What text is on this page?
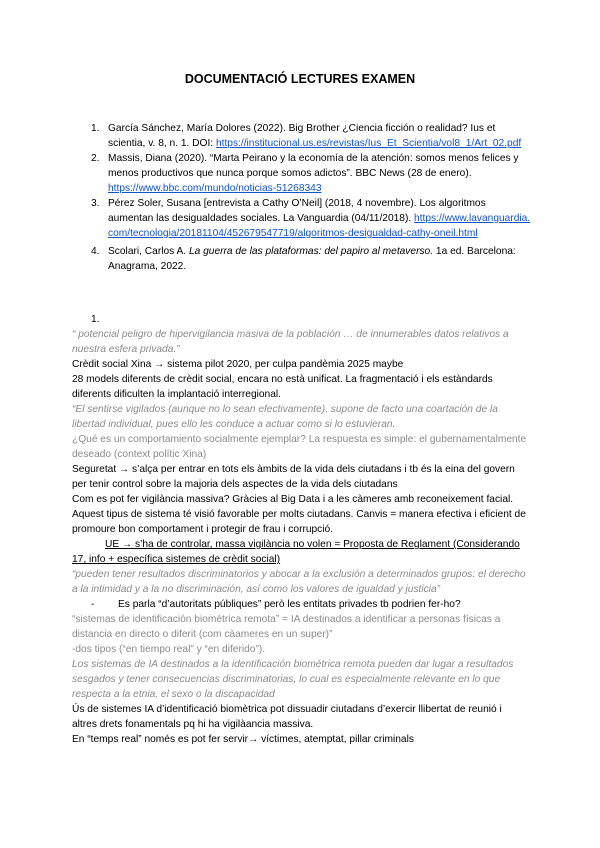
DOCUMENTACIÓ LECTURES EXAMEN
1. García Sánchez, María Dolores (2022). Big Brother ¿Ciencia ficción o realidad? Ius et scientia, v. 8, n. 1. DOI: https://institucional.us.es/revistas/Ius_Et_Scientia/vol8_1/Art_02.pdf
2. Massis, Diana (2020). “Marta Peirano y la economía de la atención: somos menos felices y menos productivos que nunca porque somos adictos”. BBC News (28 de enero). https://www.bbc.com/mundo/noticias-51268343
3. Pérez Soler, Susana [entrevista a Cathy O’Neil] (2018, 4 novembre). Los algoritmos aumentan las desigualdades sociales. La Vanguardia (04/11/2018). https://www.lavanguardia.com/tecnologia/20181104/452679547719/algoritmos-desigualdad-cathy-oneil.html
4. Scolari, Carlos A. La guerra de las plataformas: del papiro al metaverso. 1a ed. Barcelona: Anagrama, 2022.

1.

“ potencial peligro de hipervigilancia masiva de la población … de innumerables datos relativos a nuestra esfera privada.”

Crèdit social Xina → sistema pilot 2020, per culpa pandèmia 2025 maybe

28 models diferents de crèdit social, encara no està unificat. La fragmentació i els estàndards diferents dificulten la implantació interregional.

“El sentirse vigilados (aunque no lo sean efectivamente), supone de facto una coartación de la libertad individual, pues ello les conduce a actuar como si lo estuvieran.

¿Qué es un comportamiento socialmente ejemplar? La respuesta es simple: el gubernamentalmente deseado (context polític Xina)

Seguretat → s’alça per entrar en tots els àmbits de la vida dels ciutadans i tb és la eina del govern per tenir control sobre la majoria dels aspectes de la vida dels ciutadans

Com es pot fer vigilància massiva? Gràcies al Big Data i a les càmeres amb reconeixement facial.

Aquest tipus de sistema té visió favorable per molts ciutadans. Canvis = manera efectiva i eficient de promoure bon comportament i protegir de frau i corrupció.

UE → s’ha de controlar, massa vigilància no volen = Proposta de Reglament (Considerando 17, info + específica sistemes de crèdit social)

“pueden tener resultados discriminatorios y abocar a la exclusión a determinados grupos: el derecho a la intimidad y a la no discriminación, así como los valores de igualdad y justicia”

- Es parla “d’autoritats públiques” però les entitats privades tb podrien fer-ho?

“sistemas de identificación biométrica remota” = IA destinados a identificar a personas físicas a distancia en directo o diferit (com càameres en un super)”

-dos tipos (“en tiempo real” y “en diferido”).

Los sistemas de IA destinados a la identificación biométrica remota pueden dar lugar a resultados sesgados y tener consecuencias discriminatorias, lo cual es especialmente relevante en lo que respecta a la etnia, el sexo o la discapacidad

Ús de sistemes IA d’identificació biomètrica pot dissuadir ciutadans d’exercir llibertat de reunió i altres drets fonamentals pq hi ha vigilàancia massiva.

En “temps real” només es pot fer servir→ víctimes, atemptat, pillar criminals
